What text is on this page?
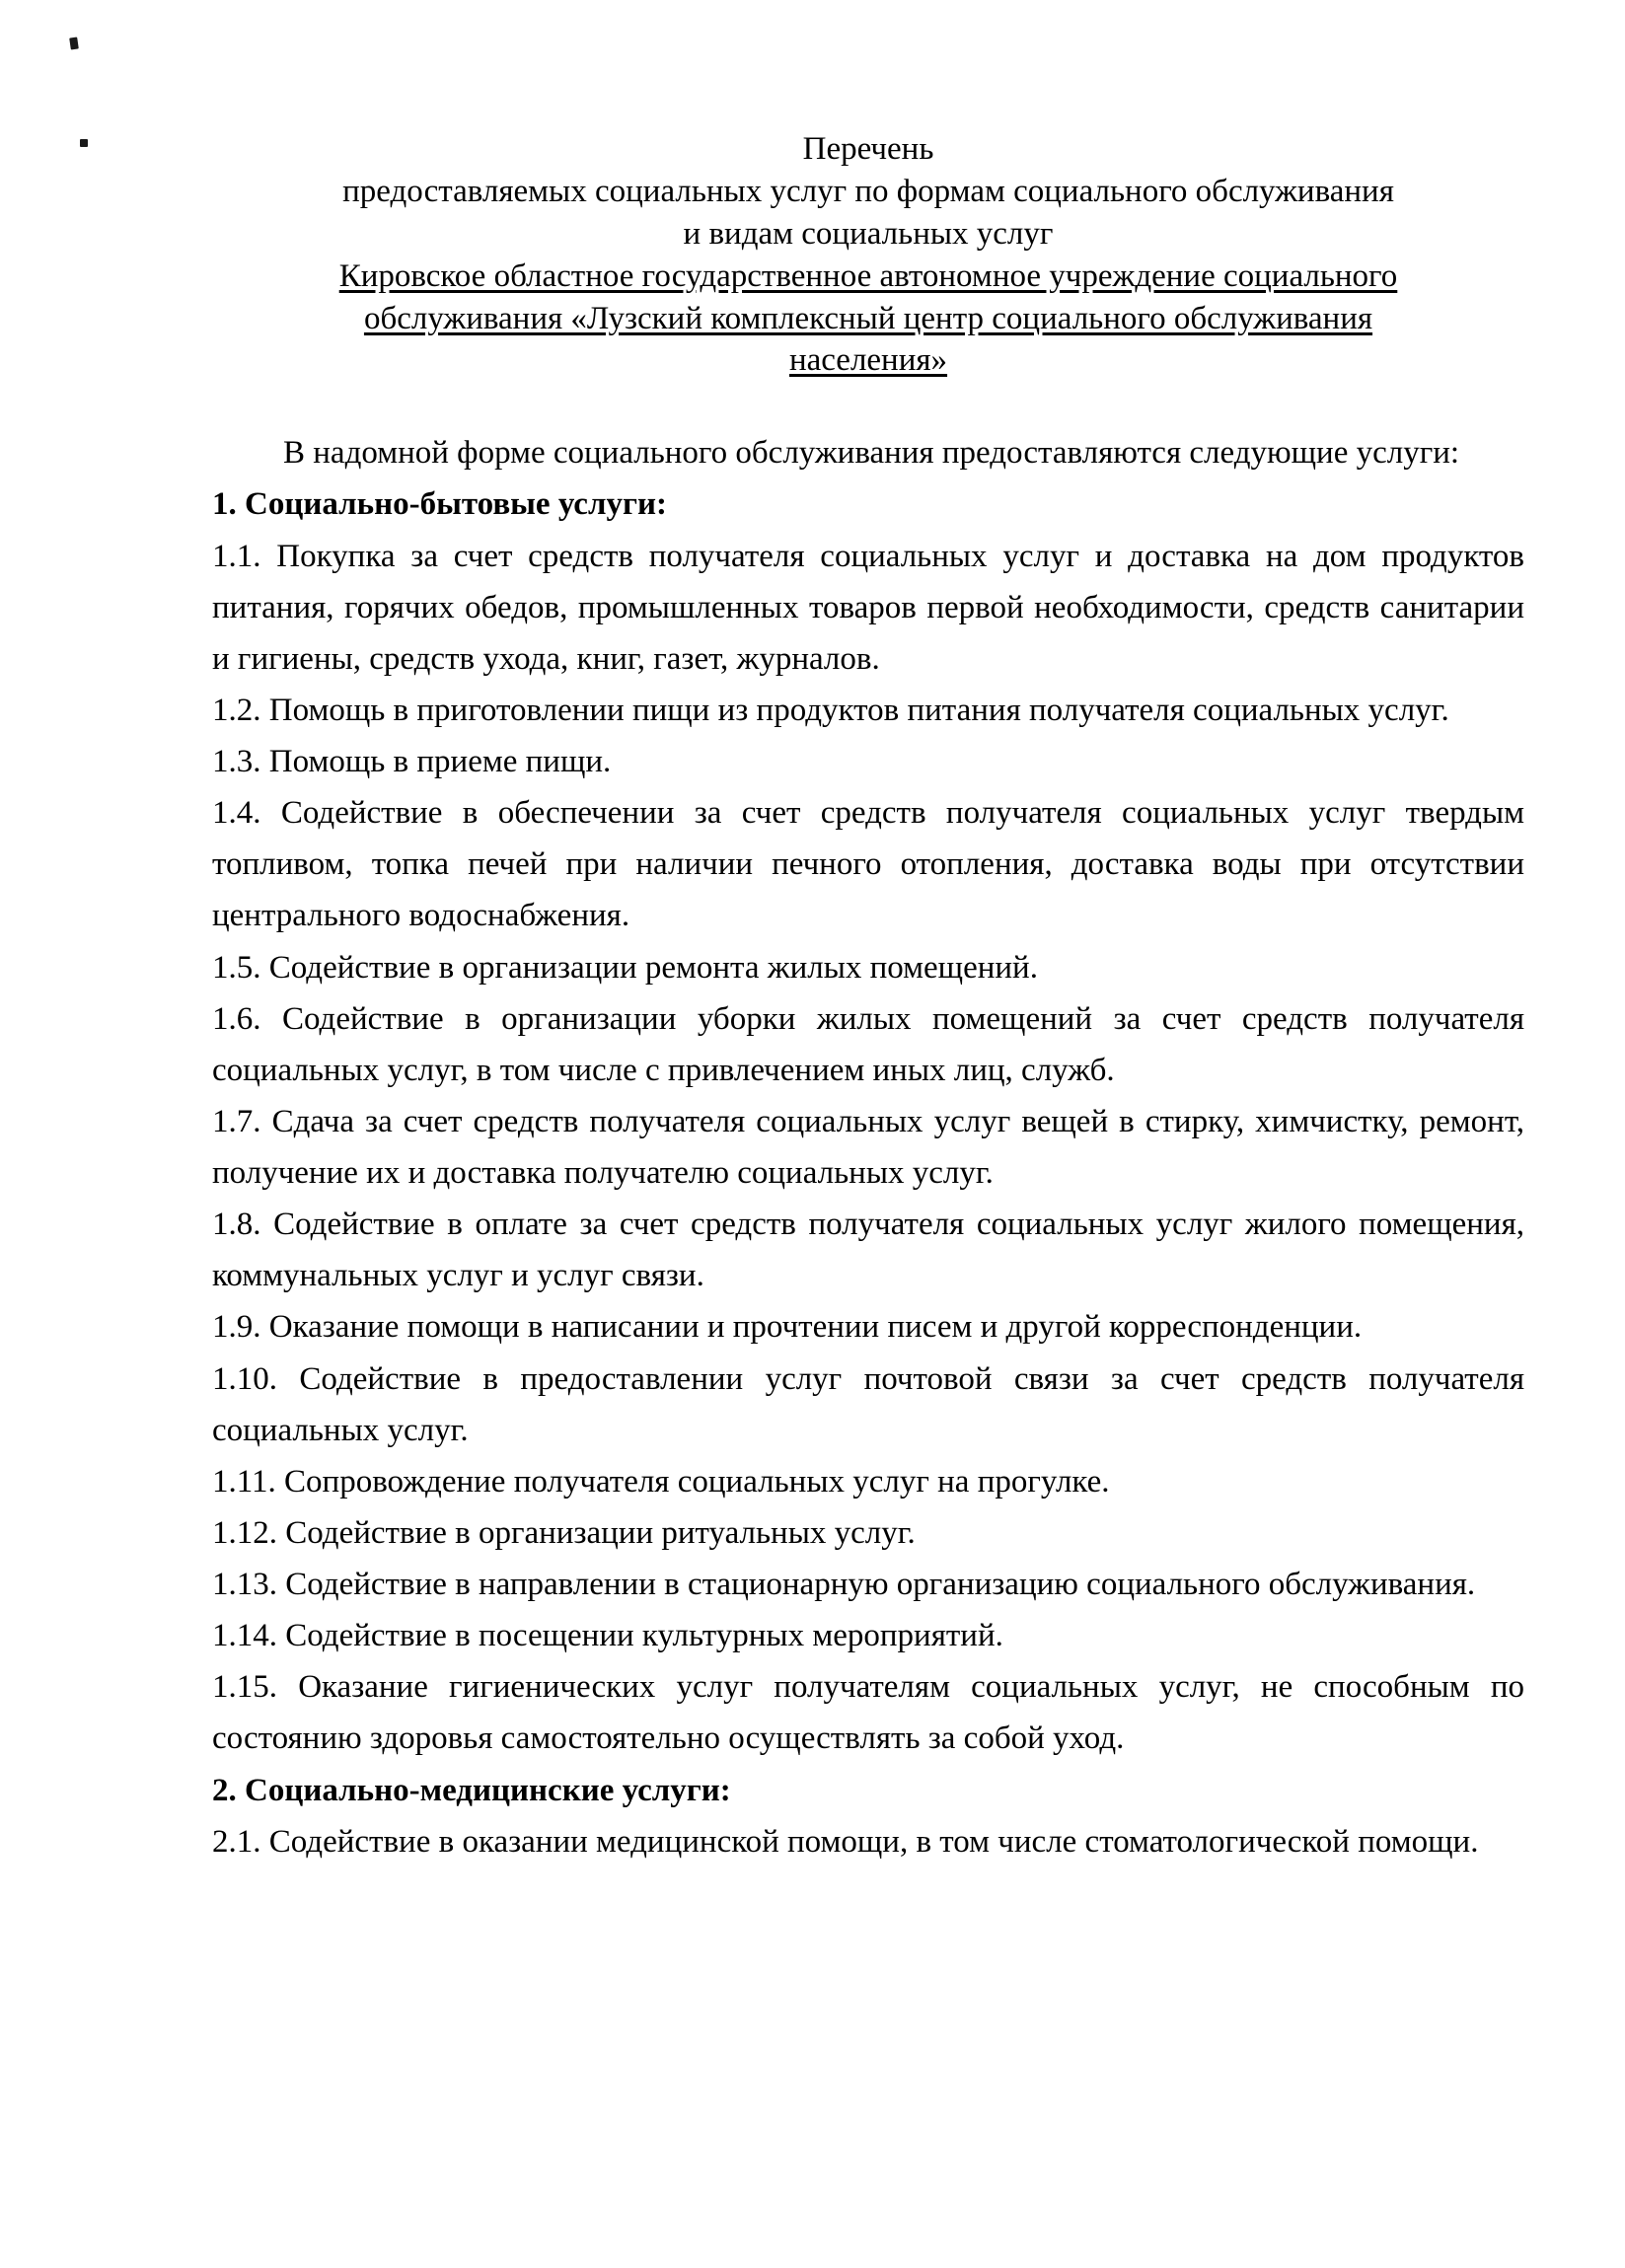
Перечень
предоставляемых социальных услуг по формам социального обслуживания
и видам социальных услуг
Кировское областное государственное автономное учреждение социального
обслуживания «Лузский комплексный центр социального обслуживания
населения»

В надомной форме социального обслуживания предоставляются следующие услуги:

1. Социально-бытовые услуги:

1.1. Покупка за счет средств получателя социальных услуг и доставка на дом продуктов питания, горячих обедов, промышленных товаров первой необходимости, средств санитарии и гигиены, средств ухода, книг, газет, журналов.

1.2. Помощь в приготовлении пищи из продуктов питания получателя социальных услуг.

1.3. Помощь в приеме пищи.

1.4. Содействие в обеспечении за счет средств получателя социальных услуг твердым топливом, топка печей при наличии печного отопления, доставка воды при отсутствии центрального водоснабжения.

1.5. Содействие в организации ремонта жилых помещений.

1.6. Содействие в организации уборки жилых помещений за счет средств получателя социальных услуг, в том числе с привлечением иных лиц, служб.

1.7. Сдача за счет средств получателя социальных услуг вещей в стирку, химчистку, ремонт, получение их и доставка получателю социальных услуг.

1.8. Содействие в оплате за счет средств получателя социальных услуг жилого помещения, коммунальных услуг и услуг связи.

1.9. Оказание помощи в написании и прочтении писем и другой корреспонденции.

1.10. Содействие в предоставлении услуг почтовой связи за счет средств получателя социальных услуг.

1.11. Сопровождение получателя социальных услуг на прогулке.

1.12. Содействие в организации ритуальных услуг.

1.13. Содействие в направлении в стационарную организацию социального обслуживания.

1.14. Содействие в посещении культурных мероприятий.

1.15. Оказание гигиенических услуг получателям социальных услуг, не способным по состоянию здоровья самостоятельно осуществлять за собой уход.

2. Социально-медицинские услуги:

2.1. Содействие в оказании медицинской помощи, в том числе стоматологической помощи.
